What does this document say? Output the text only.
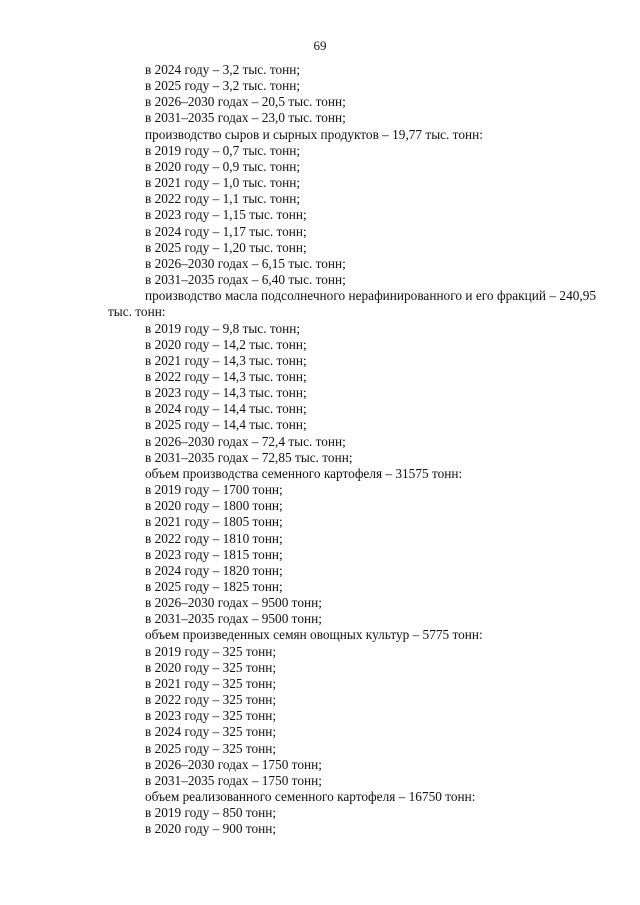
69
в 2024 году – 3,2 тыс. тонн;
в 2025 году – 3,2 тыс. тонн;
в 2026–2030 годах – 20,5 тыс. тонн;
в 2031–2035 годах – 23,0 тыс. тонн;
производство сыров и сырных продуктов – 19,77 тыс. тонн:
в 2019 году – 0,7 тыс. тонн;
в 2020 году – 0,9 тыс. тонн;
в 2021 году – 1,0 тыс. тонн;
в 2022 году – 1,1 тыс. тонн;
в 2023 году – 1,15 тыс. тонн;
в 2024 году – 1,17 тыс. тонн;
в 2025 году – 1,20 тыс. тонн;
в 2026–2030 годах – 6,15 тыс. тонн;
в 2031–2035 годах – 6,40 тыс. тонн;
производство масла подсолнечного нерафинированного и его фракций – 240,95 тыс. тонн:
в 2019 году – 9,8 тыс. тонн;
в 2020 году – 14,2 тыс. тонн;
в 2021 году – 14,3 тыс. тонн;
в 2022 году – 14,3 тыс. тонн;
в 2023 году – 14,3 тыс. тонн;
в 2024 году – 14,4 тыс. тонн;
в 2025 году – 14,4 тыс. тонн;
в 2026–2030 годах – 72,4 тыс. тонн;
в 2031–2035 годах – 72,85 тыс. тонн;
объем производства семенного картофеля – 31575 тонн:
в 2019 году – 1700 тонн;
в 2020 году – 1800 тонн;
в 2021 году – 1805 тонн;
в 2022 году – 1810 тонн;
в 2023 году – 1815 тонн;
в 2024 году – 1820 тонн;
в 2025 году – 1825 тонн;
в 2026–2030 годах – 9500 тонн;
в 2031–2035 годах – 9500 тонн;
объем произведенных семян овощных культур – 5775 тонн:
в 2019 году – 325 тонн;
в 2020 году – 325 тонн;
в 2021 году – 325 тонн;
в 2022 году – 325 тонн;
в 2023 году – 325 тонн;
в 2024 году – 325 тонн;
в 2025 году – 325 тонн;
в 2026–2030 годах – 1750 тонн;
в 2031–2035 годах – 1750 тонн;
объем реализованного семенного картофеля – 16750 тонн:
в 2019 году – 850 тонн;
в 2020 году – 900 тонн;
